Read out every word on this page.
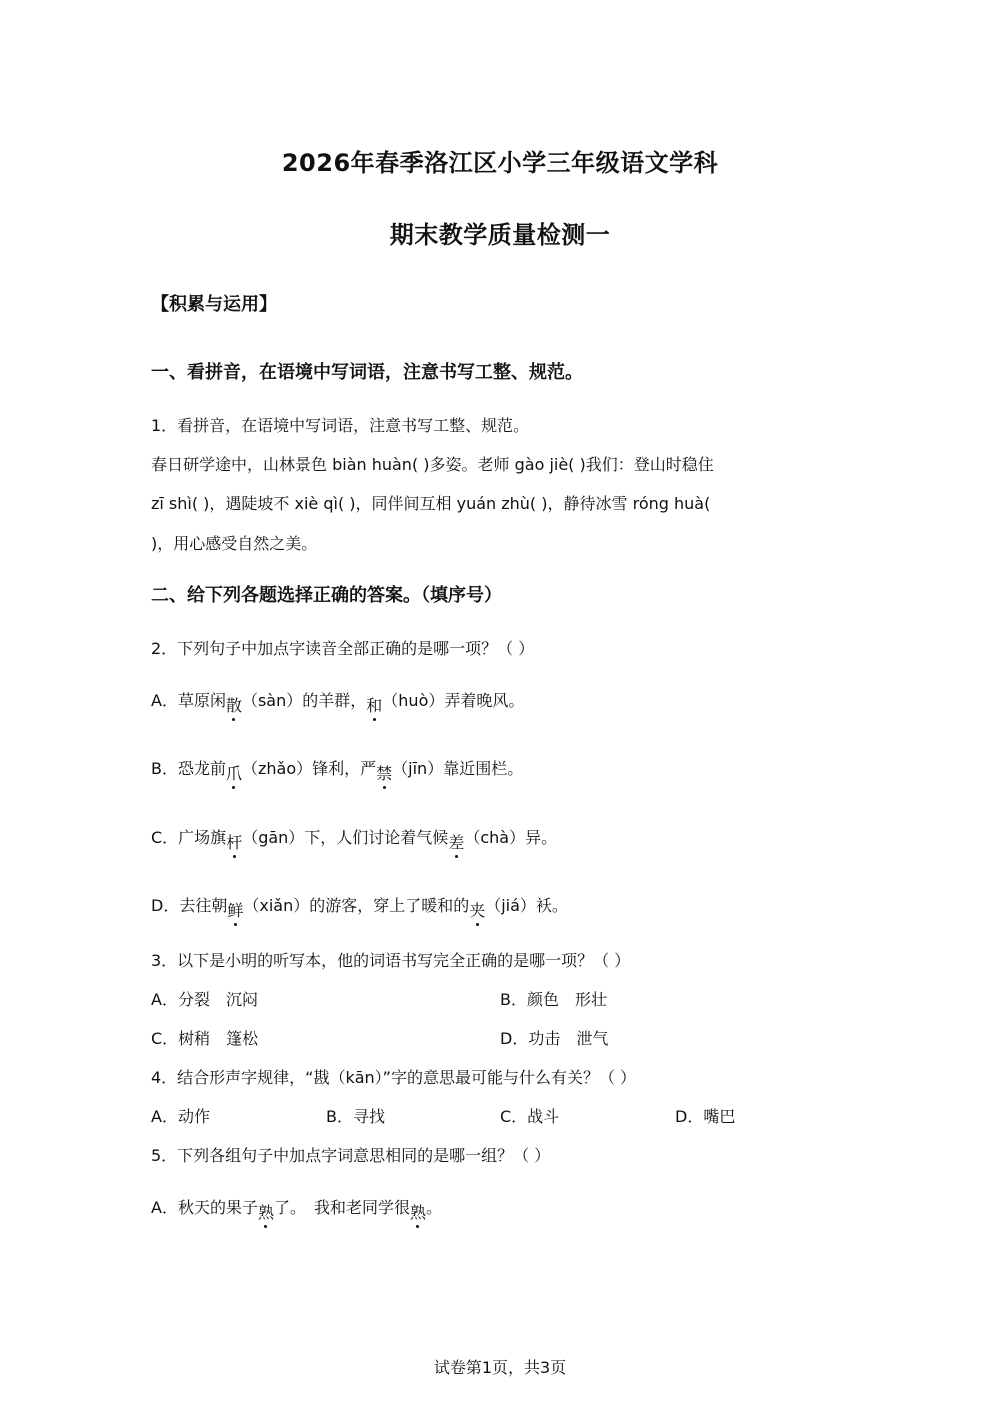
2026年春季洛江区小学三年级语文学科
期末教学质量检测一
【积累与运用】
一、看拼音，在语境中写词语，注意书写工整、规范。
1．看拼音，在语境中写词语，注意书写工整、规范。
春日研学途中，山林景色 biàn huàn( )多姿。老师 gào jiè( )我们：登山时稳住
zī shì( )，遇陡坡不 xiè qì( )，同伴间互相 yuán zhù( )，静待冰雪 róng huà(
)，用心感受自然之美。
二、给下列各题选择正确的答案。（填序号）
2．下列句子中加点字读音全部正确的是哪一项？（ ）
A．草原闲散（sàn）的羊群，和（huò）弄着晚风。
B．恐龙前爪（zhǎo）锋利，严禁（jīn）靠近围栏。
C．广场旗杆（gān）下，人们讨论着气候差（chà）异。
D．去往朝鲜（xiǎn）的游客，穿上了暖和的夹（jiá）袄。
3．以下是小明的听写本，他的词语书写完全正确的是哪一项？（ ）
A．分裂　沉闷	B．颜色　形壮
C．树稍　篷松	D．功击　泄气
4．结合形声字规律，“戡（kān）”字的意思最可能与什么有关？（ ）
A．动作	B．寻找	C．战斗	D．嘴巴
5．下列各组句子中加点字词意思相同的是哪一组？（ ）
A．秋天的果子熟了。　我和老同学很熟。
试卷第1页，共3页
